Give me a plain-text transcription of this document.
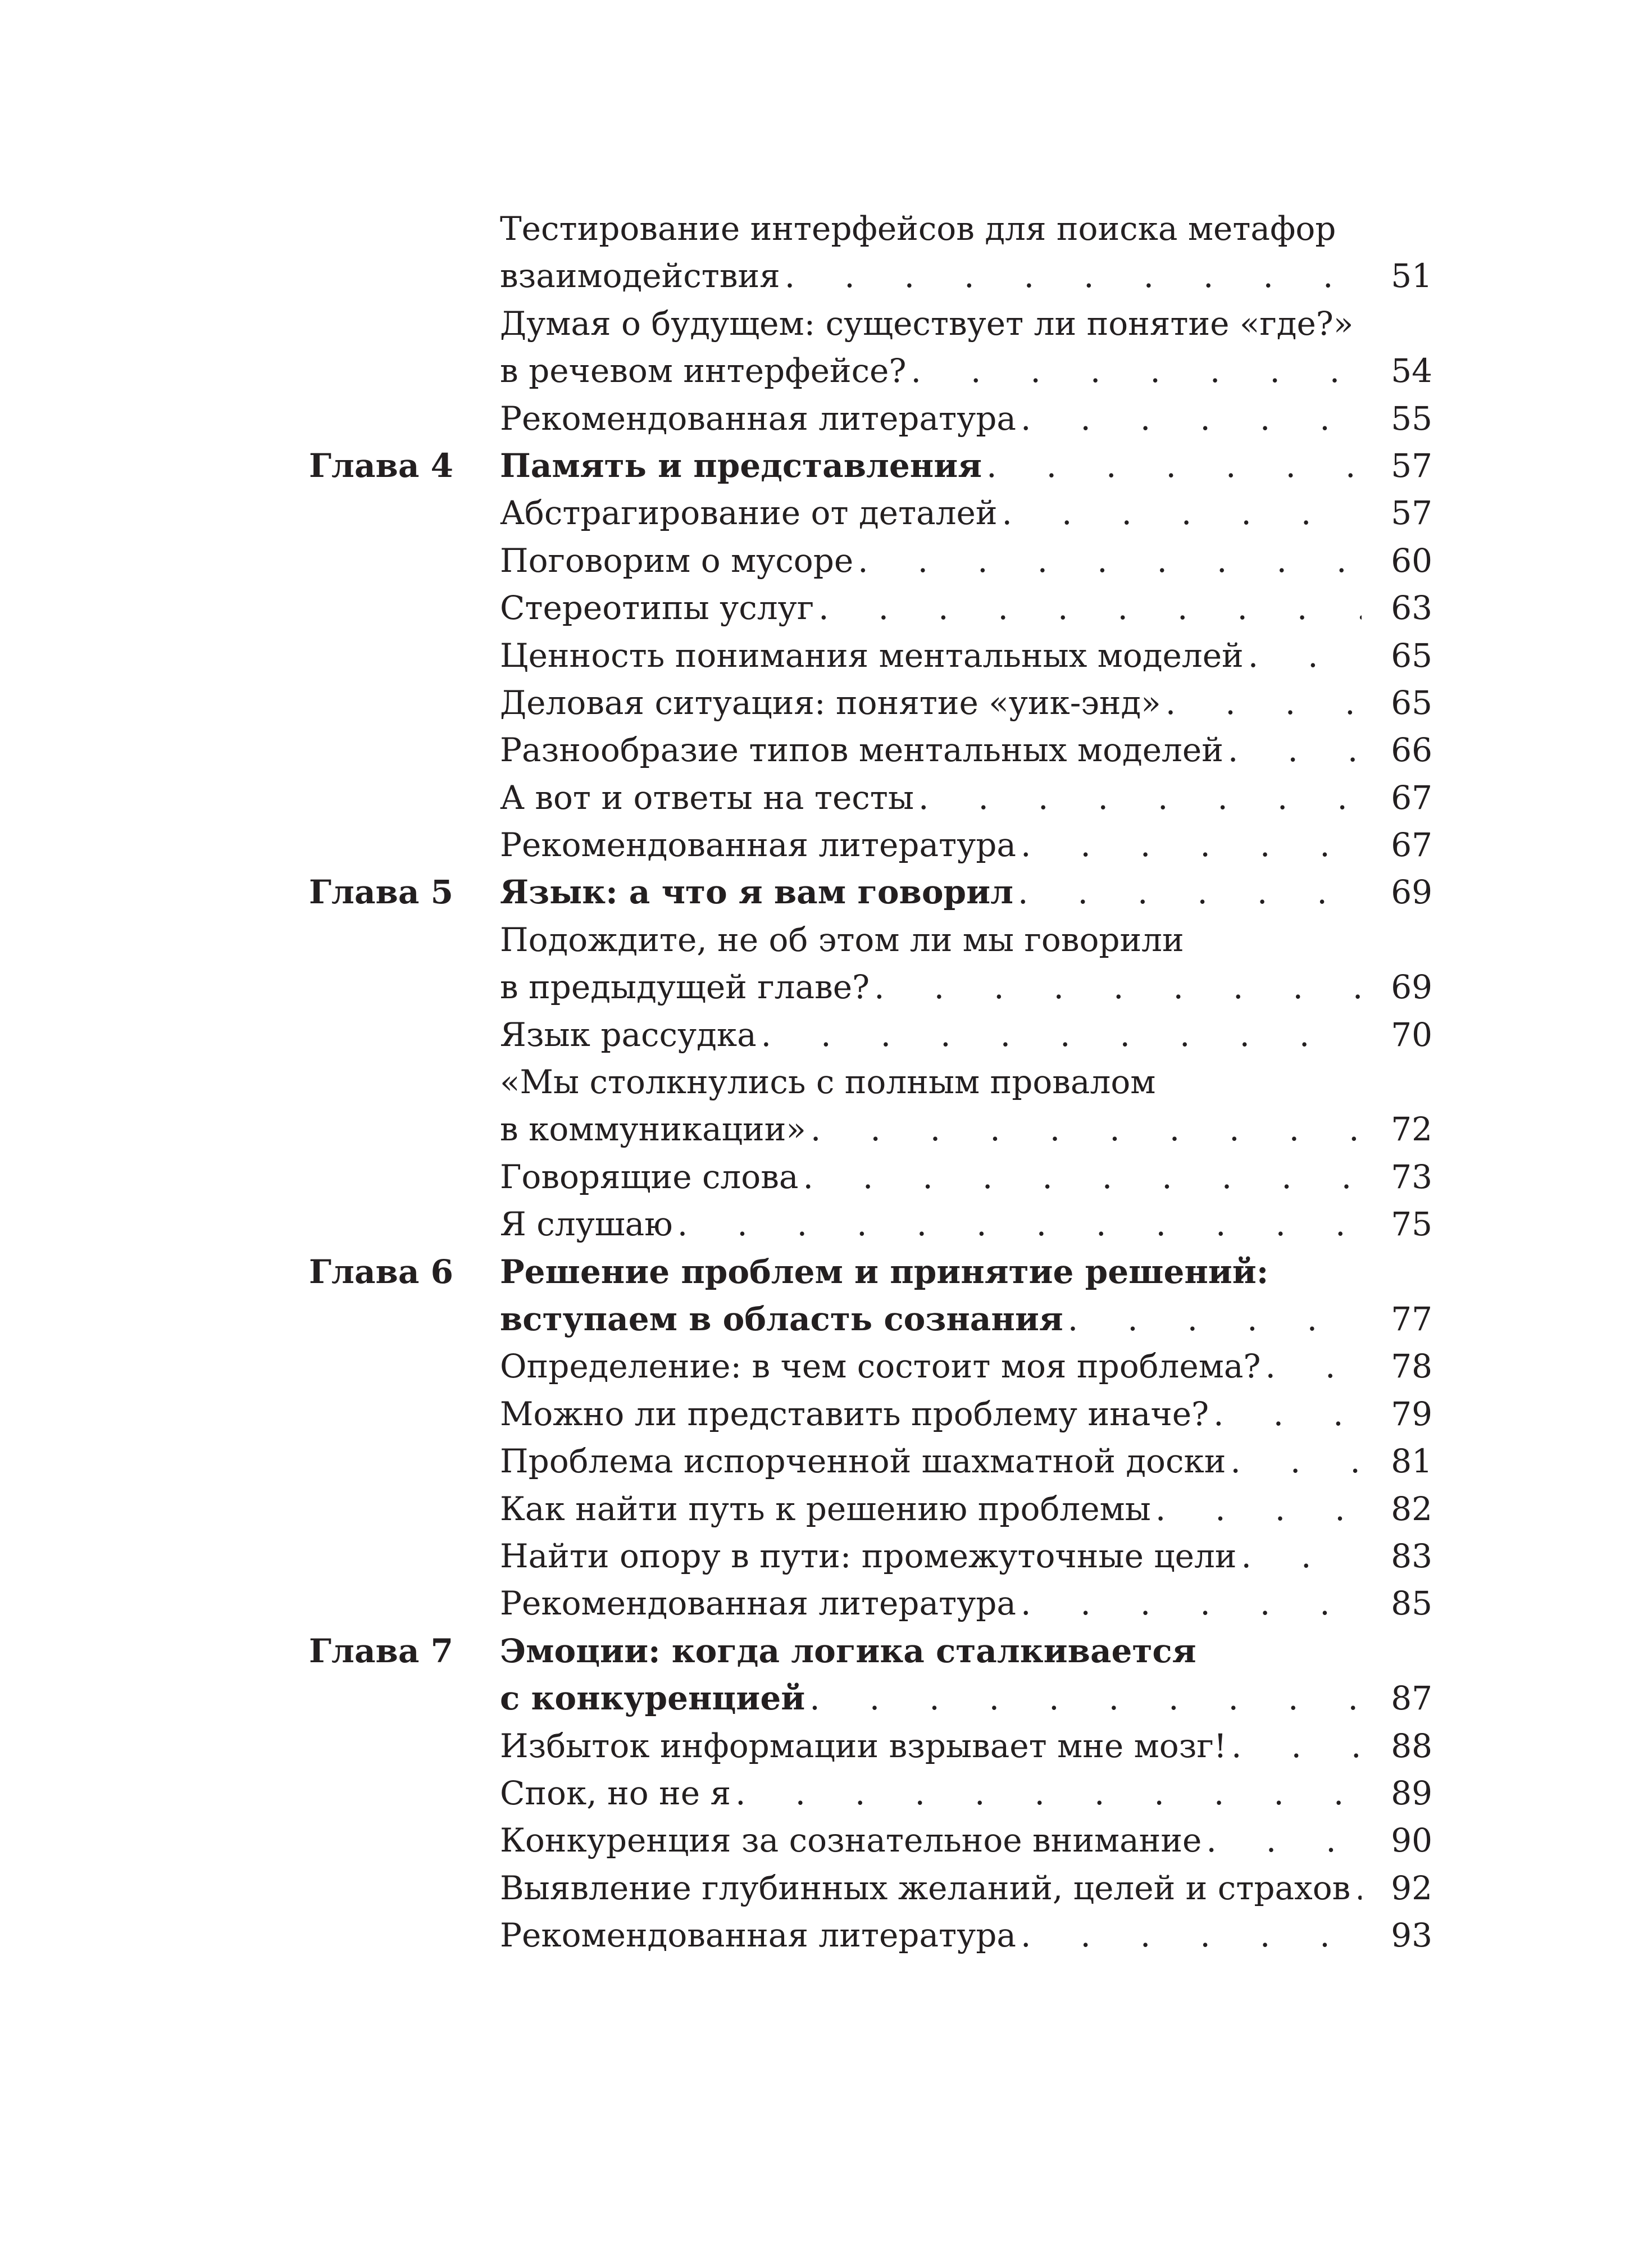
Тестирование интерфейсов для поиска метафор
взаимодействия . . .	51
Думая о будущем: существует ли понятие «где?»
в речевом интерфейсе? . . .	54
Рекомендованная литература . . .	55
Глава 4	Память и представления . . .	57
Абстрагирование от деталей . . .	57
Поговорим о мусоре . . .	60
Стереотипы услуг . . .	63
Ценность понимания ментальных моделей . . .	65
Деловая ситуация: понятие «уик-энд» . . .	65
Разнообразие типов ментальных моделей . . .	66
А вот и ответы на тесты . . .	67
Рекомендованная литература . . .	67
Глава 5	Язык: а что я вам говорил . . .	69
Подождите, не об этом ли мы говорили
в предыдущей главе? . . .	69
Язык рассудка . . .	70
«Мы столкнулись с полным провалом
в коммуникации» . . .	72
Говорящие слова . . .	73
Я слушаю . . .	75
Глава 6	Решение проблем и принятие решений:
вступаем в область сознания . . .	77
Определение: в чем состоит моя проблема? . . .	78
Можно ли представить проблему иначе? . . .	79
Проблема испорченной шахматной доски . . .	81
Как найти путь к решению проблемы . . .	82
Найти опору в пути: промежуточные цели . . .	83
Рекомендованная литература . . .	85
Глава 7	Эмоции: когда логика сталкивается
с конкуренцией . . .	87
Избыток информации взрывает мне мозг! . . .	88
Спок, но не я . . .	89
Конкуренция за сознательное внимание . . .	90
Выявление глубинных желаний, целей и страхов . . .	92
Рекомендованная литература . . .	93
